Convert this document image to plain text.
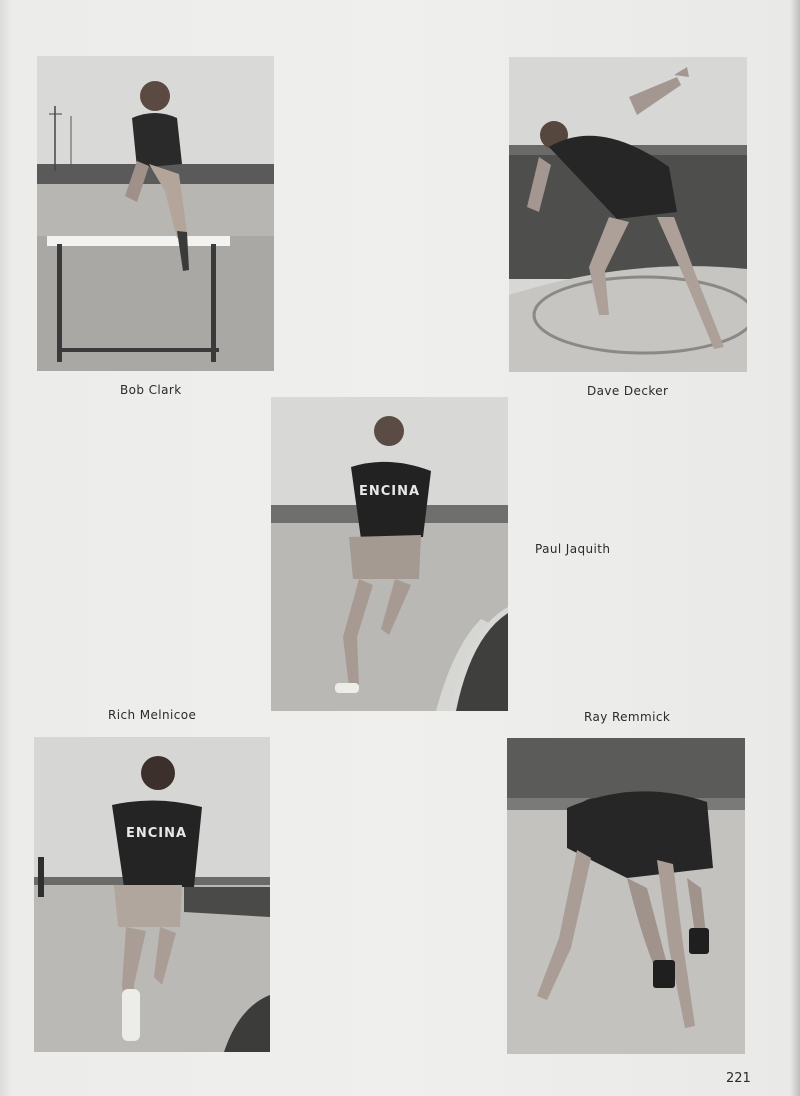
Bob Clark	Dave Decker
ENCINA
Paul Jaquith
Rich Melnicoe
ENCINA
Ray Remmick
221
